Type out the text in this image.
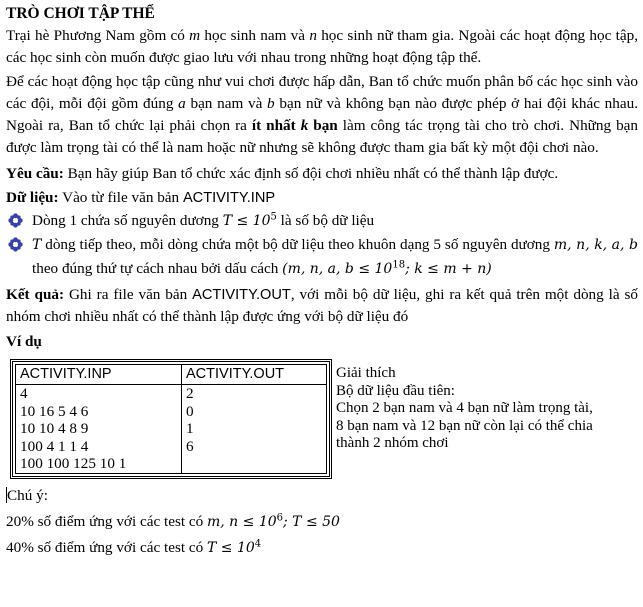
TRÒ CHƠI TẬP THỂ

Trại hè Phương Nam gồm có m học sinh nam và n học sinh nữ tham gia. Ngoài các hoạt động học tập, các học sinh còn muốn được giao lưu với nhau trong những hoạt động tập thể.

Để các hoạt động học tập cũng như vui chơi được hấp dẫn, Ban tổ chức muốn phân bố các học sinh vào các đội, mỗi đội gồm đúng a bạn nam và b bạn nữ và không bạn nào được phép ở hai đội khác nhau. Ngoài ra, Ban tổ chức lại phải chọn ra ít nhất k bạn làm công tác trọng tài cho trò chơi. Những bạn được làm trọng tài có thể là nam hoặc nữ nhưng sẽ không được tham gia bất kỳ một đội chơi nào.

Yêu cầu: Bạn hãy giúp Ban tổ chức xác định số đội chơi nhiều nhất có thể thành lập được.

Dữ liệu: Vào từ file văn bản ACTIVITY.INP

Dòng 1 chứa số nguyên dương $T \le 10^5$ là số bộ dữ liệu
T dòng tiếp theo, mỗi dòng chứa một bộ dữ liệu theo khuôn dạng 5 số nguyên dương m, n, k, a, b theo đúng thứ tự cách nhau bởi dấu cách (m, n, a, $b \le 10^{18}$; k ≤ m + n)

Kết quả: Ghi ra file văn bản ACTIVITY.OUT, với mỗi bộ dữ liệu, ghi ra kết quả trên một dòng là số nhóm chơi nhiều nhất có thể thành lập được ứng với bộ dữ liệu đó

Ví dụ

ACTIVITY.INP
4
10 16 5 4 6
10 10 4 8 9
100 4 1 1 4
100 100 125 10 1
ACTIVITY.OUT
2
0
1
6
Giải thích
Bộ dữ liệu đầu tiên:
Chọn 2 bạn nam và 4 bạn nữ làm trọng tài,
8 bạn nam và 12 bạn nữ còn lại có thể chia
thành 2 nhóm chơi
Chú ý:
20% số điểm ứng với các test có m, $n \le 10^6$; T ≤ 50
40% số điểm ứng với các test có $T \le 10^4$
